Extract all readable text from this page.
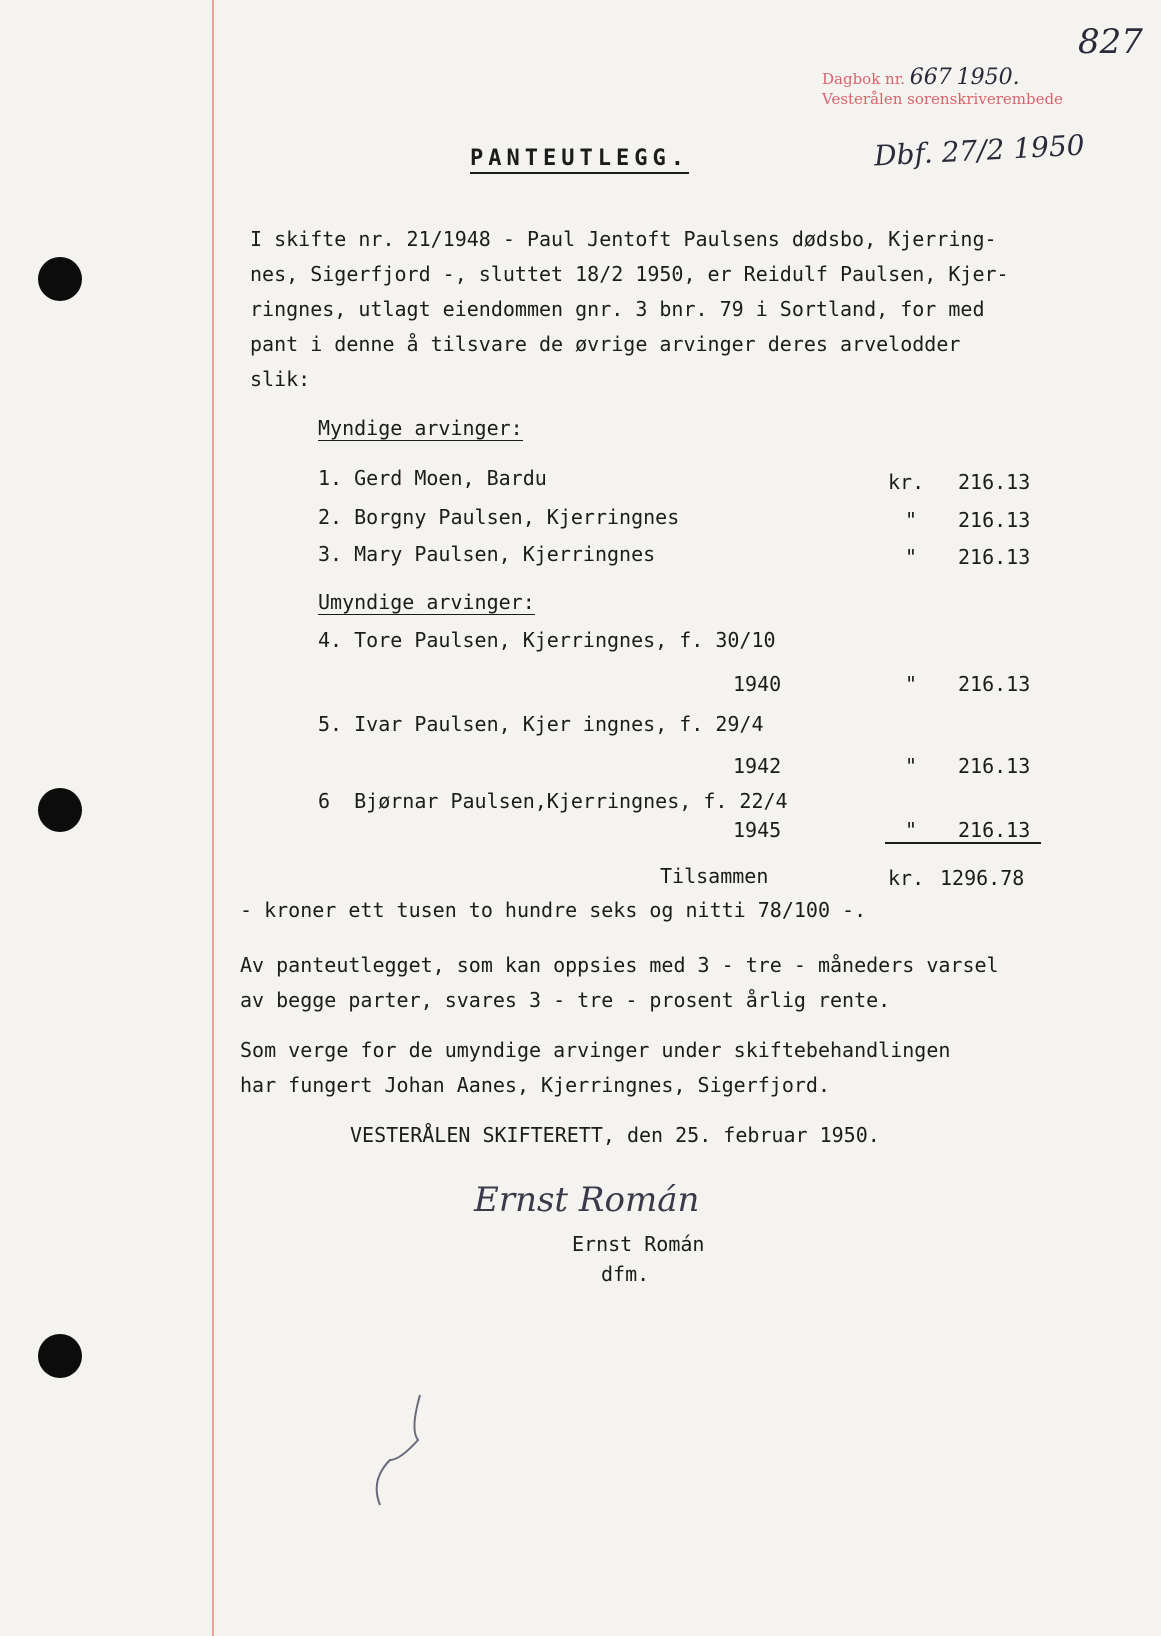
827
Dagbok nr. 667 1950.
Vesterålen sorenskriverembede
Dbf. 27/2 1950
PANTEUTLEGG.
I skifte nr. 21/1948 - Paul Jentoft Paulsens dødsbo, Kjerring-
nes, Sigerfjord -, sluttet 18/2 1950, er Reidulf Paulsen, Kjer-
ringnes, utlagt eiendommen gnr. 3 bnr. 79 i Sortland, for med
pant i denne å tilsvare de øvrige arvinger deres arvelodder
slik:
Myndige arvinger:
1. Gerd Moen, Bardu	kr. 216.13
2. Borgny Paulsen, Kjerringnes	" 216.13
3. Mary Paulsen, Kjerringnes	" 216.13
Umyndige arvinger:
4. Tore Paulsen, Kjerringnes, f. 30/10
1940	" 216.13
5. Ivar Paulsen, Kjer ingnes, f. 29/4
1942	" 216.13
6  Bjørnar Paulsen,Kjerringnes, f. 22/4
1945	" 216.13
Tilsammen	kr. 1296.78
- kroner ett tusen to hundre seks og nitti 78/100 -.
Av panteutlegget, som kan oppsies med 3 - tre - måneders varsel
av begge parter, svares 3 - tre - prosent årlig rente.
Som verge for de umyndige arvinger under skiftebehandlingen
har fungert Johan Aanes, Kjerringnes, Sigerfjord.
VESTERÅLEN SKIFTERETT, den 25. februar 1950.
Ernst Román
Ernst Román
dfm.
